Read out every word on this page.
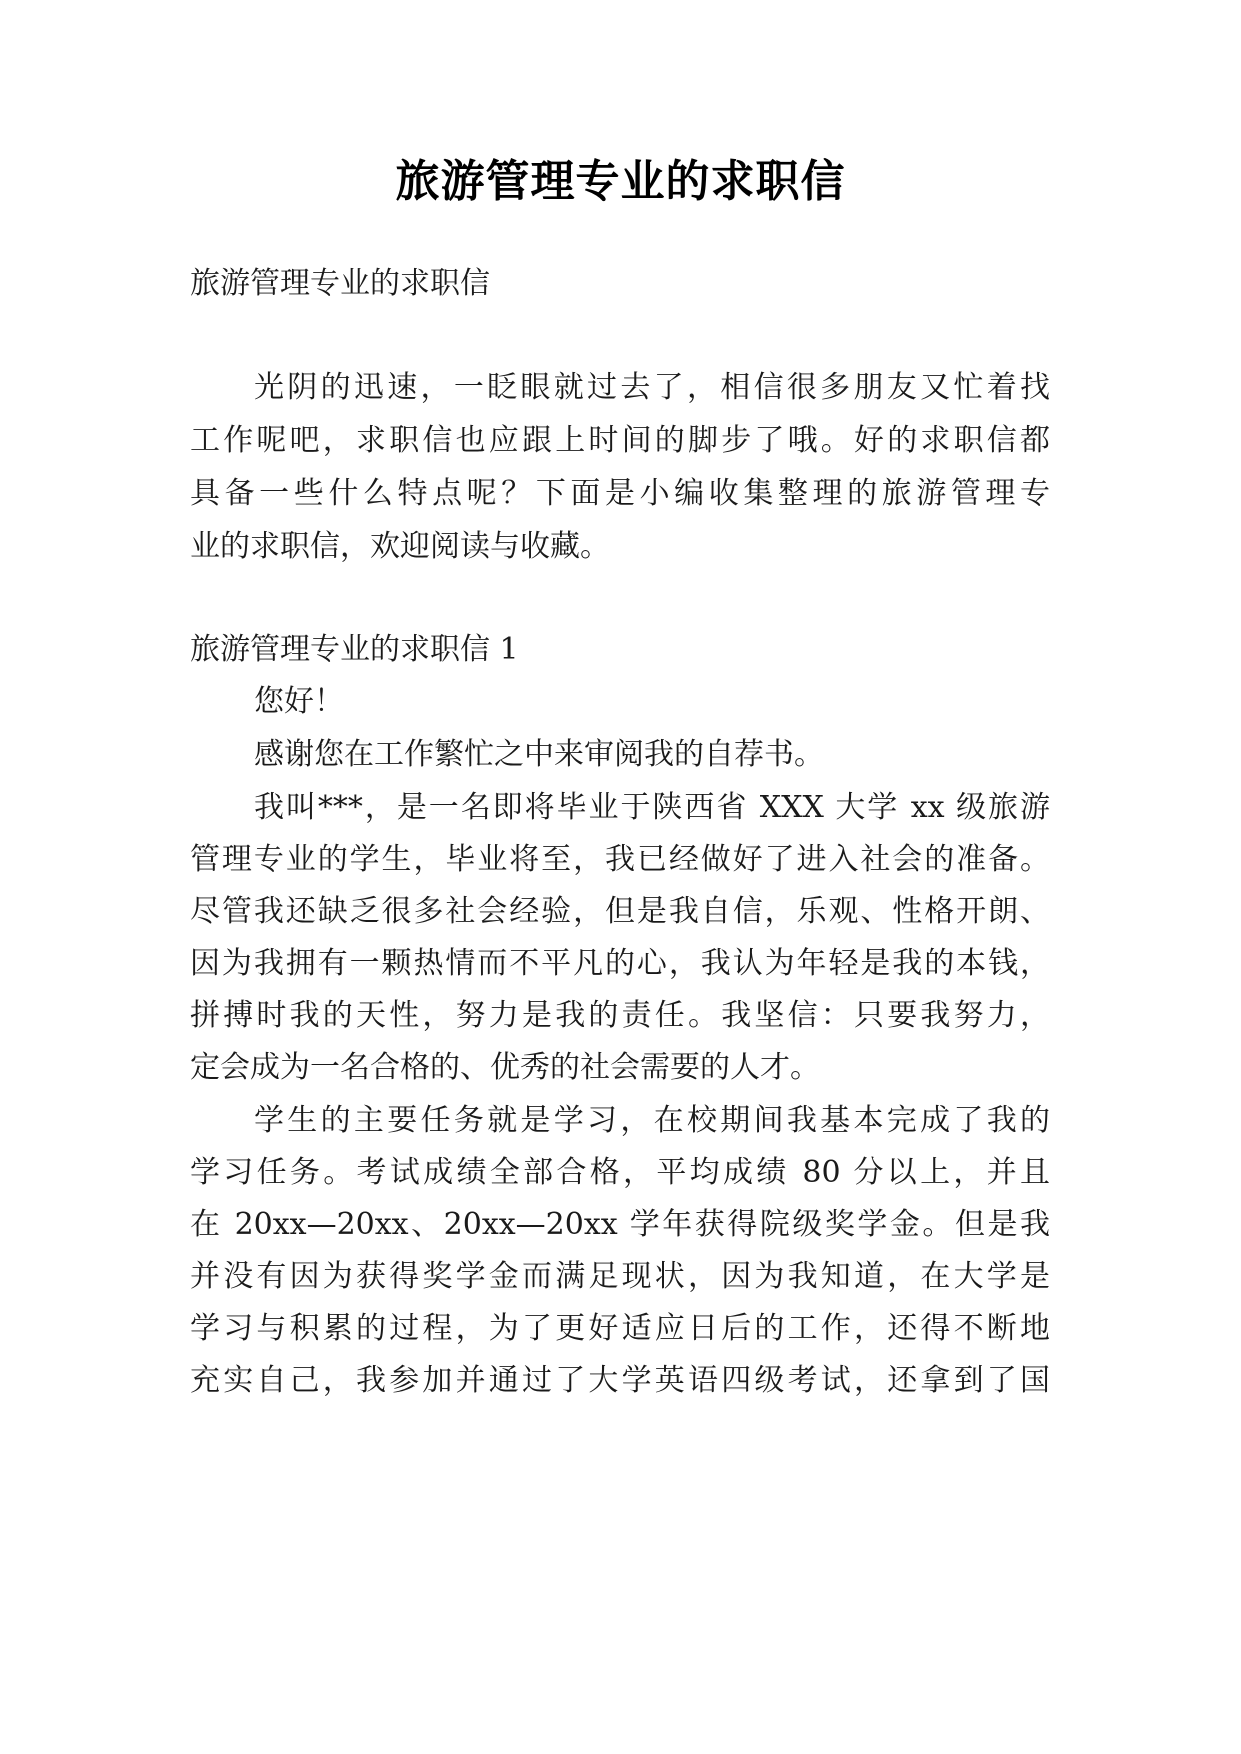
旅游管理专业的求职信

旅游管理专业的求职信

光阴的迅速，一眨眼就过去了，相信很多朋友又忙着找

工作呢吧，求职信也应跟上时间的脚步了哦。好的求职信都

具备一些什么特点呢？下面是小编收集整理的旅游管理专

业的求职信，欢迎阅读与收藏。

旅游管理专业的求职信 1

您好！

感谢您在工作繁忙之中来审阅我的自荐书。

我叫***，是一名即将毕业于陕西省 XXX 大学 xx 级旅游

管理专业的学生，毕业将至，我已经做好了进入社会的准备。

尽管我还缺乏很多社会经验，但是我自信，乐观、性格开朗、

因为我拥有一颗热情而不平凡的心，我认为年轻是我的本钱，

拼搏时我的天性，努力是我的责任。我坚信：只要我努力，

定会成为一名合格的、优秀的社会需要的人才。

学生的主要任务就是学习，在校期间我基本完成了我的

学习任务。考试成绩全部合格，平均成绩 80 分以上，并且

在 20xx—20xx、20xx—20xx 学年获得院级奖学金。但是我

并没有因为获得奖学金而满足现状，因为我知道，在大学是

学习与积累的过程，为了更好适应日后的工作，还得不断地

充实自己，我参加并通过了大学英语四级考试，还拿到了国
